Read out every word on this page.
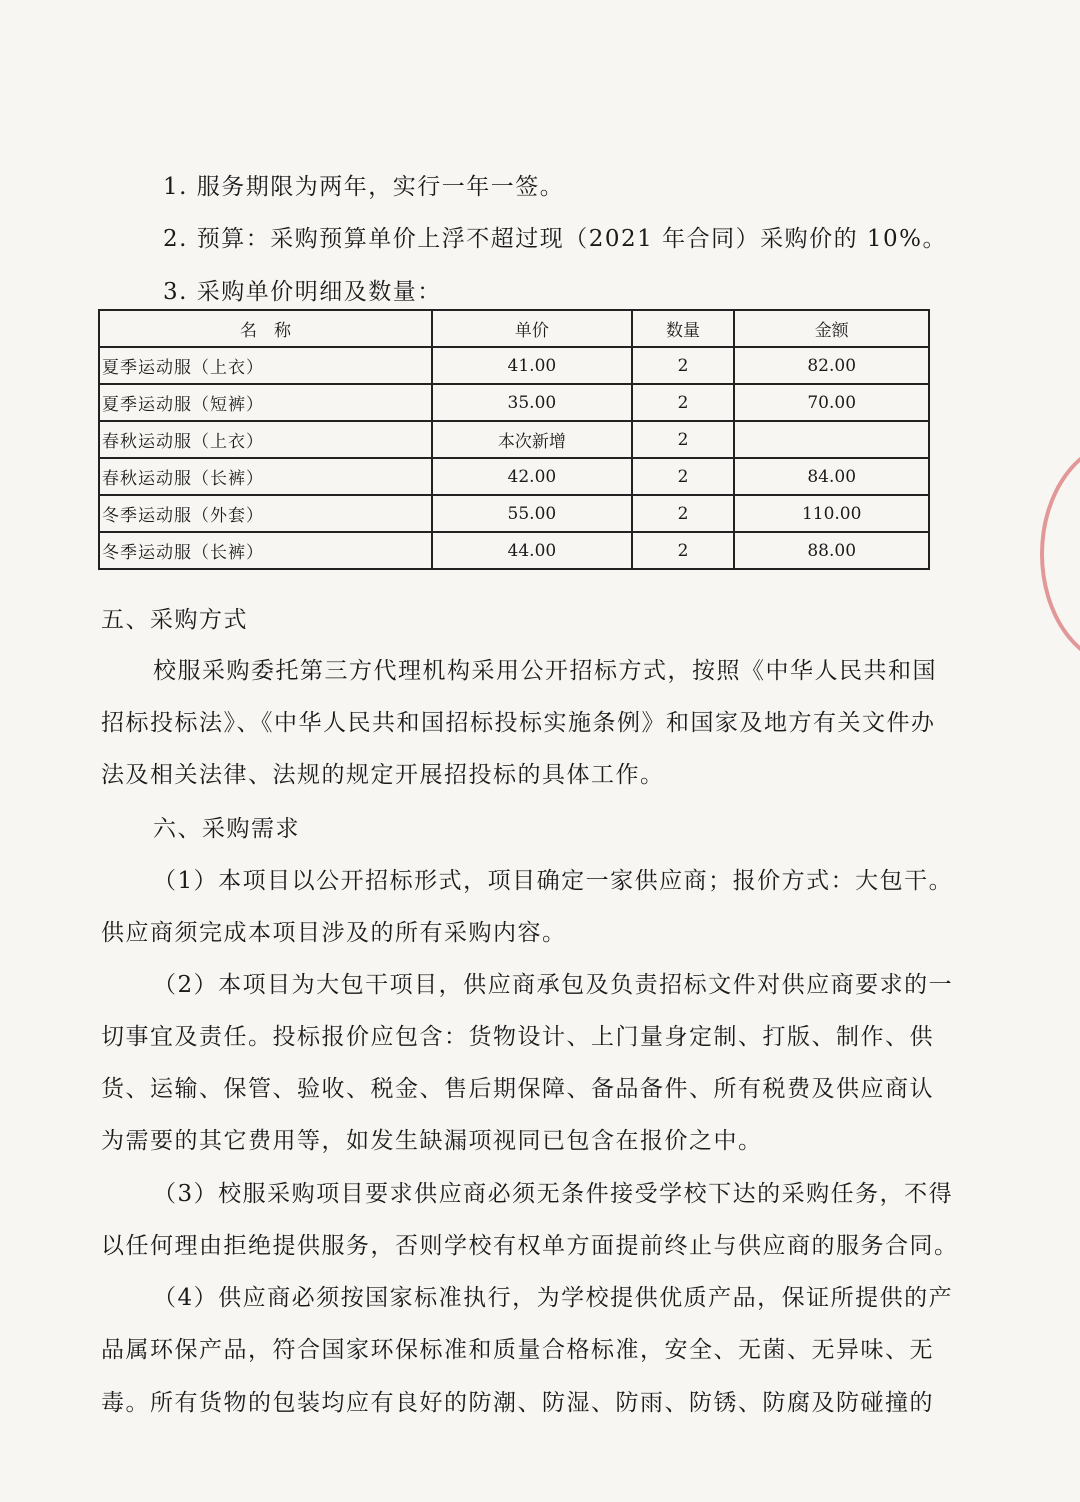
1. 服务期限为两年，实行一年一签。

2. 预算：采购预算单价上浮不超过现（2021 年合同）采购价的 10%。

3. 采购单价明细及数量：

名　称	单价	数量	金额
夏季运动服（上衣）	41.00	2	82.00
夏季运动服（短裤）	35.00	2	70.00
春秋运动服（上衣）	本次新增	2	
春秋运动服（长裤）	42.00	2	84.00
冬季运动服（外套）	55.00	2	110.00
冬季运动服（长裤）	44.00	2	88.00

五、采购方式

校服采购委托第三方代理机构采用公开招标方式，按照《中华人民共和国

招标投标法》、《中华人民共和国招标投标实施条例》和国家及地方有关文件办

法及相关法律、法规的规定开展招投标的具体工作。

六、采购需求

（1）本项目以公开招标形式，项目确定一家供应商；报价方式：大包干。

供应商须完成本项目涉及的所有采购内容。

（2）本项目为大包干项目，供应商承包及负责招标文件对供应商要求的一

切事宜及责任。投标报价应包含：货物设计、上门量身定制、打版、制作、供

货、运输、保管、验收、税金、售后期保障、备品备件、所有税费及供应商认

为需要的其它费用等，如发生缺漏项视同已包含在报价之中。

（3）校服采购项目要求供应商必须无条件接受学校下达的采购任务，不得

以任何理由拒绝提供服务，否则学校有权单方面提前终止与供应商的服务合同。

（4）供应商必须按国家标准执行，为学校提供优质产品，保证所提供的产

品属环保产品，符合国家环保标准和质量合格标准，安全、无菌、无异味、无

毒。所有货物的包装均应有良好的防潮、防湿、防雨、防锈、防腐及防碰撞的
